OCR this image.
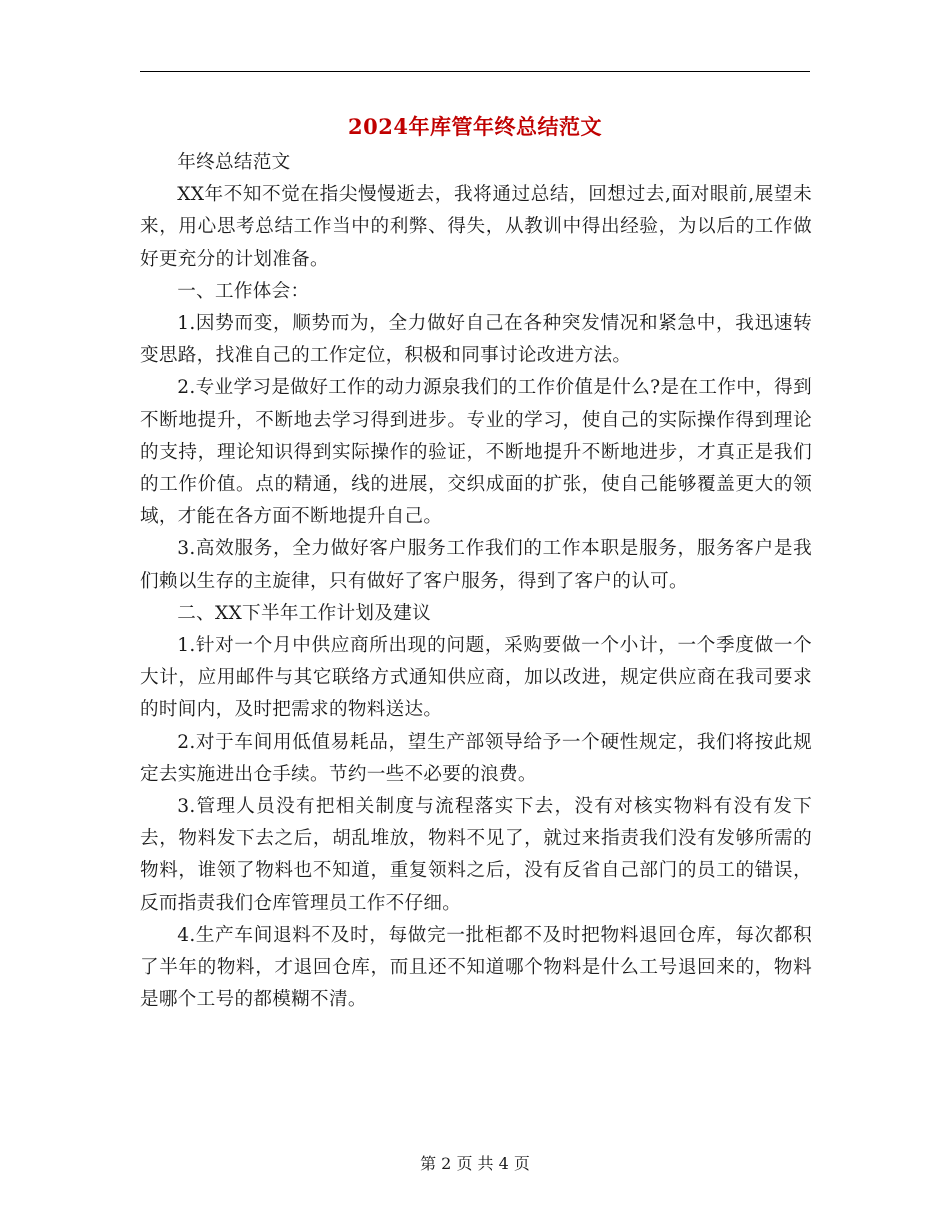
2024年库管年终总结范文

年终总结范文

XX年不知不觉在指尖慢慢逝去，我将通过总结，回想过去,面对眼前,展望未来，用心思考总结工作当中的利弊、得失，从教训中得出经验，为以后的工作做好更充分的计划准备。

一、工作体会：

1.因势而变，顺势而为，全力做好自己在各种突发情况和紧急中，我迅速转变思路，找准自己的工作定位，积极和同事讨论改进方法。

2.专业学习是做好工作的动力源泉我们的工作价值是什么?是在工作中，得到不断地提升，不断地去学习得到进步。专业的学习，使自己的实际操作得到理论的支持，理论知识得到实际操作的验证，不断地提升不断地进步，才真正是我们的工作价值。点的精通，线的进展，交织成面的扩张，使自己能够覆盖更大的领域，才能在各方面不断地提升自己。

3.高效服务，全力做好客户服务工作我们的工作本职是服务，服务客户是我们赖以生存的主旋律，只有做好了客户服务，得到了客户的认可。

二、XX下半年工作计划及建议

1.针对一个月中供应商所出现的问题，采购要做一个小计，一个季度做一个大计，应用邮件与其它联络方式通知供应商，加以改进，规定供应商在我司要求的时间内，及时把需求的物料送达。

2.对于车间用低值易耗品，望生产部领导给予一个硬性规定，我们将按此规定去实施进出仓手续。节约一些不必要的浪费。

3.管理人员没有把相关制度与流程落实下去，没有对核实物料有没有发下去，物料发下去之后，胡乱堆放，物料不见了，就过来指责我们没有发够所需的物料，谁领了物料也不知道，重复领料之后，没有反省自己部门的员工的错误，反而指责我们仓库管理员工作不仔细。

4.生产车间退料不及时，每做完一批柜都不及时把物料退回仓库，每次都积了半年的物料，才退回仓库，而且还不知道哪个物料是什么工号退回来的，物料是哪个工号的都模糊不清。

第 2 页 共 4 页
